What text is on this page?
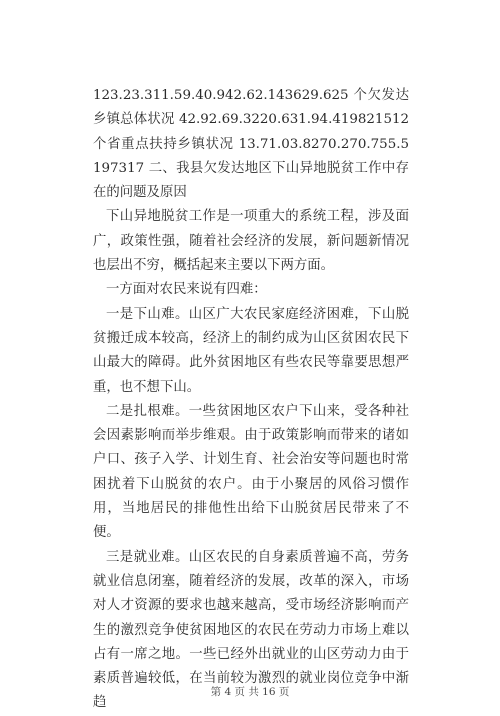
123.23.311.59.40.942.62.143629.625 个欠发达乡镇总体状况 42.92.69.3220.631.94.419821512 个省重点扶持乡镇状况 13.71.03.8270.270.755.5197317 二、我县欠发达地区下山异地脱贫工作中存在的问题及原因

下山异地脱贫工作是一项重大的系统工程，涉及面广，政策性强，随着社会经济的发展，新问题新情况也层出不穷，概括起来主要以下两方面。

一方面对农民来说有四难：

一是下山难。山区广大农民家庭经济困难，下山脱贫搬迁成本较高，经济上的制约成为山区贫困农民下山最大的障碍。此外贫困地区有些农民等靠要思想严重，也不想下山。

二是扎根难。一些贫困地区农户下山来，受各种社会因素影响而举步维艰。由于政策影响而带来的诸如户口、孩子入学、计划生育、社会治安等问题也时常困扰着下山脱贫的农户。由于小聚居的风俗习惯作用，当地居民的排他性出给下山脱贫居民带来了不便。

三是就业难。山区农民的自身素质普遍不高，劳务就业信息闭塞，随着经济的发展，改革的深入，市场对人才资源的要求也越来越高，受市场经济影响而产生的激烈竞争使贫困地区的农民在劳动力市场上难以占有一席之地。一些已经外出就业的山区劳动力由于素质普遍较低，在当前较为激烈的就业岗位竞争中渐趋

第 4 页 共 16 页
